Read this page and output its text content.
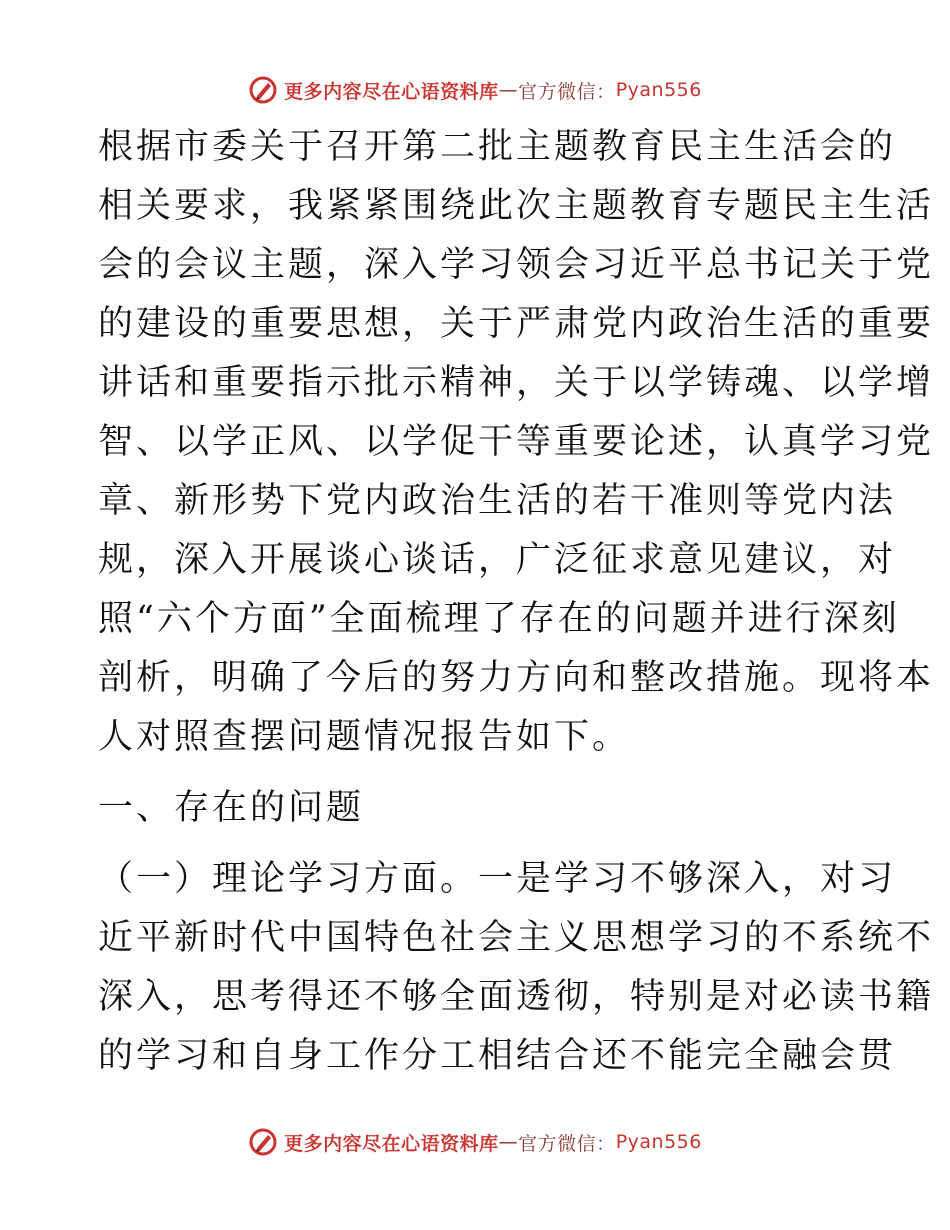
更多内容尽在心语资料库 — 官方微信： Pyan556
根据市委关于召开第二批主题教育民主生活会的
相关要求，我紧紧围绕此次主题教育专题民主生活
会的会议主题，深入学习领会习近平总书记关于党
的建设的重要思想，关于严肃党内政治生活的重要
讲话和重要指示批示精神，关于以学铸魂、以学增
智、以学正风、以学促干等重要论述，认真学习党
章、新形势下党内政治生活的若干准则等党内法
规，深入开展谈心谈话，广泛征求意见建议，对
照“六个方面”全面梳理了存在的问题并进行深刻
剖析，明确了今后的努力方向和整改措施。现将本
人对照查摆问题情况报告如下。
一、存在的问题
（一）理论学习方面。一是学习不够深入，对习
近平新时代中国特色社会主义思想学习的不系统不
深入，思考得还不够全面透彻，特别是对必读书籍
的学习和自身工作分工相结合还不能完全融会贯
更多内容尽在心语资料库 — 官方微信： Pyan556
